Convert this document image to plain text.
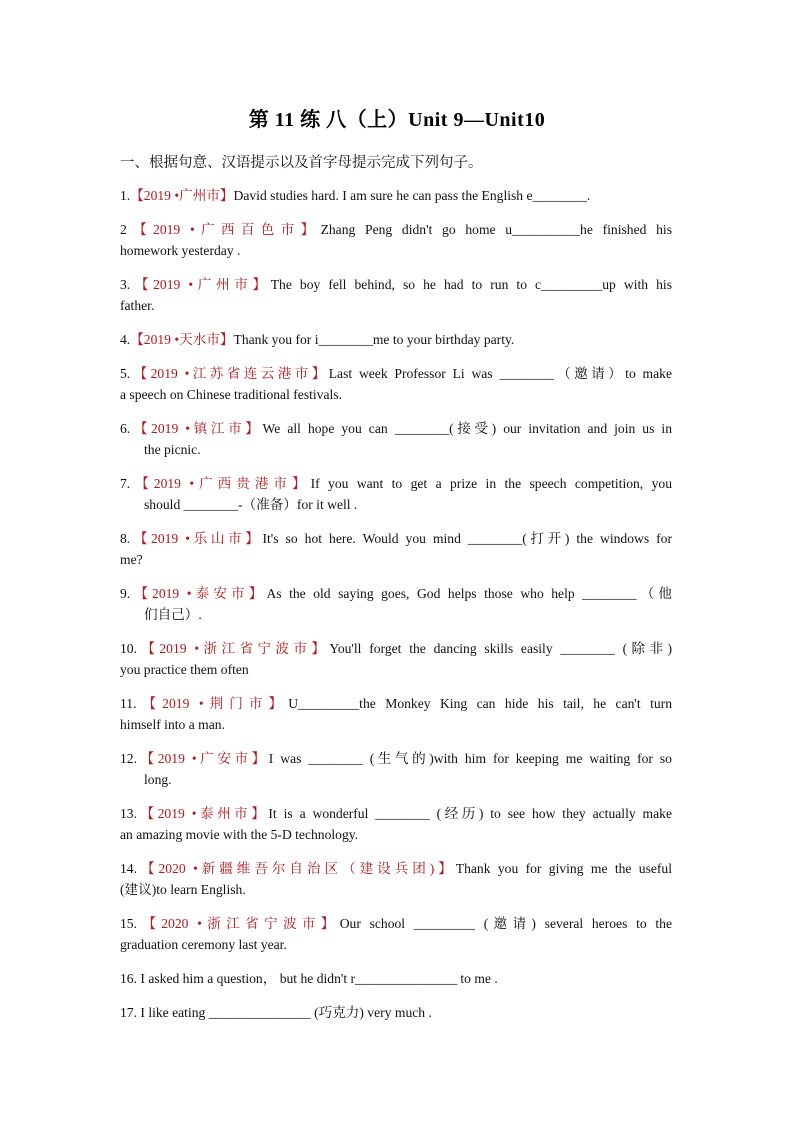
第 11 练 八（上）Unit 9—Unit10
一、根据句意、汉语提示以及首字母提示完成下列句子。
1.【2019 •广州市】David studies hard. I am sure he can pass the English e________.
2【2019 •广西百色市】Zhang Peng didn't go home u__________he finished his
homework yesterday .
3.【2019 •广州市】The boy fell behind, so he had to run to c_________up with his
father.
4.【2019 •天水市】Thank you for i________me to your birthday party.
5.【2019 •江苏省连云港市】Last week Professor Li was ________（邀请）to make
a speech on Chinese traditional festivals.
6.【2019 •镇江市】We all hope you can ________(接受) our invitation and join us in
the picnic.
7.【2019 •广西贵港市】If you want to get a prize in the speech competition, you
should ________-（准备）for it well .
8.【2019 •乐山市】It's so hot here. Would you mind ________(打开) the windows for
me?
9.【2019 •泰安市】As the old saying goes, God helps those who help ________（他
们自己）.
10.【2019 •浙江省宁波市】You'll forget the dancing skills easily ________ (除非)
you practice them often
11.【2019 •荆门市】U_________the Monkey King can hide his tail, he can't turn
himself into a man.
12.【2019 •广安市】I was ________ (生气的)with him for keeping me waiting for so
long.
13.【2019 •泰州市】It is a wonderful ________ (经历) to see how they actually make
an amazing movie with the 5-D technology.
14.【2020 •新疆维吾尔自治区（建设兵团)】Thank you for giving me the useful
(建议)to learn English.
15.【2020 •浙江省宁波市】Our school _________ (邀请) several heroes to the
graduation ceremony last year.
16. I asked him a question， but he didn't r_______________ to me .
17. I like eating _______________ (巧克力) very much .
